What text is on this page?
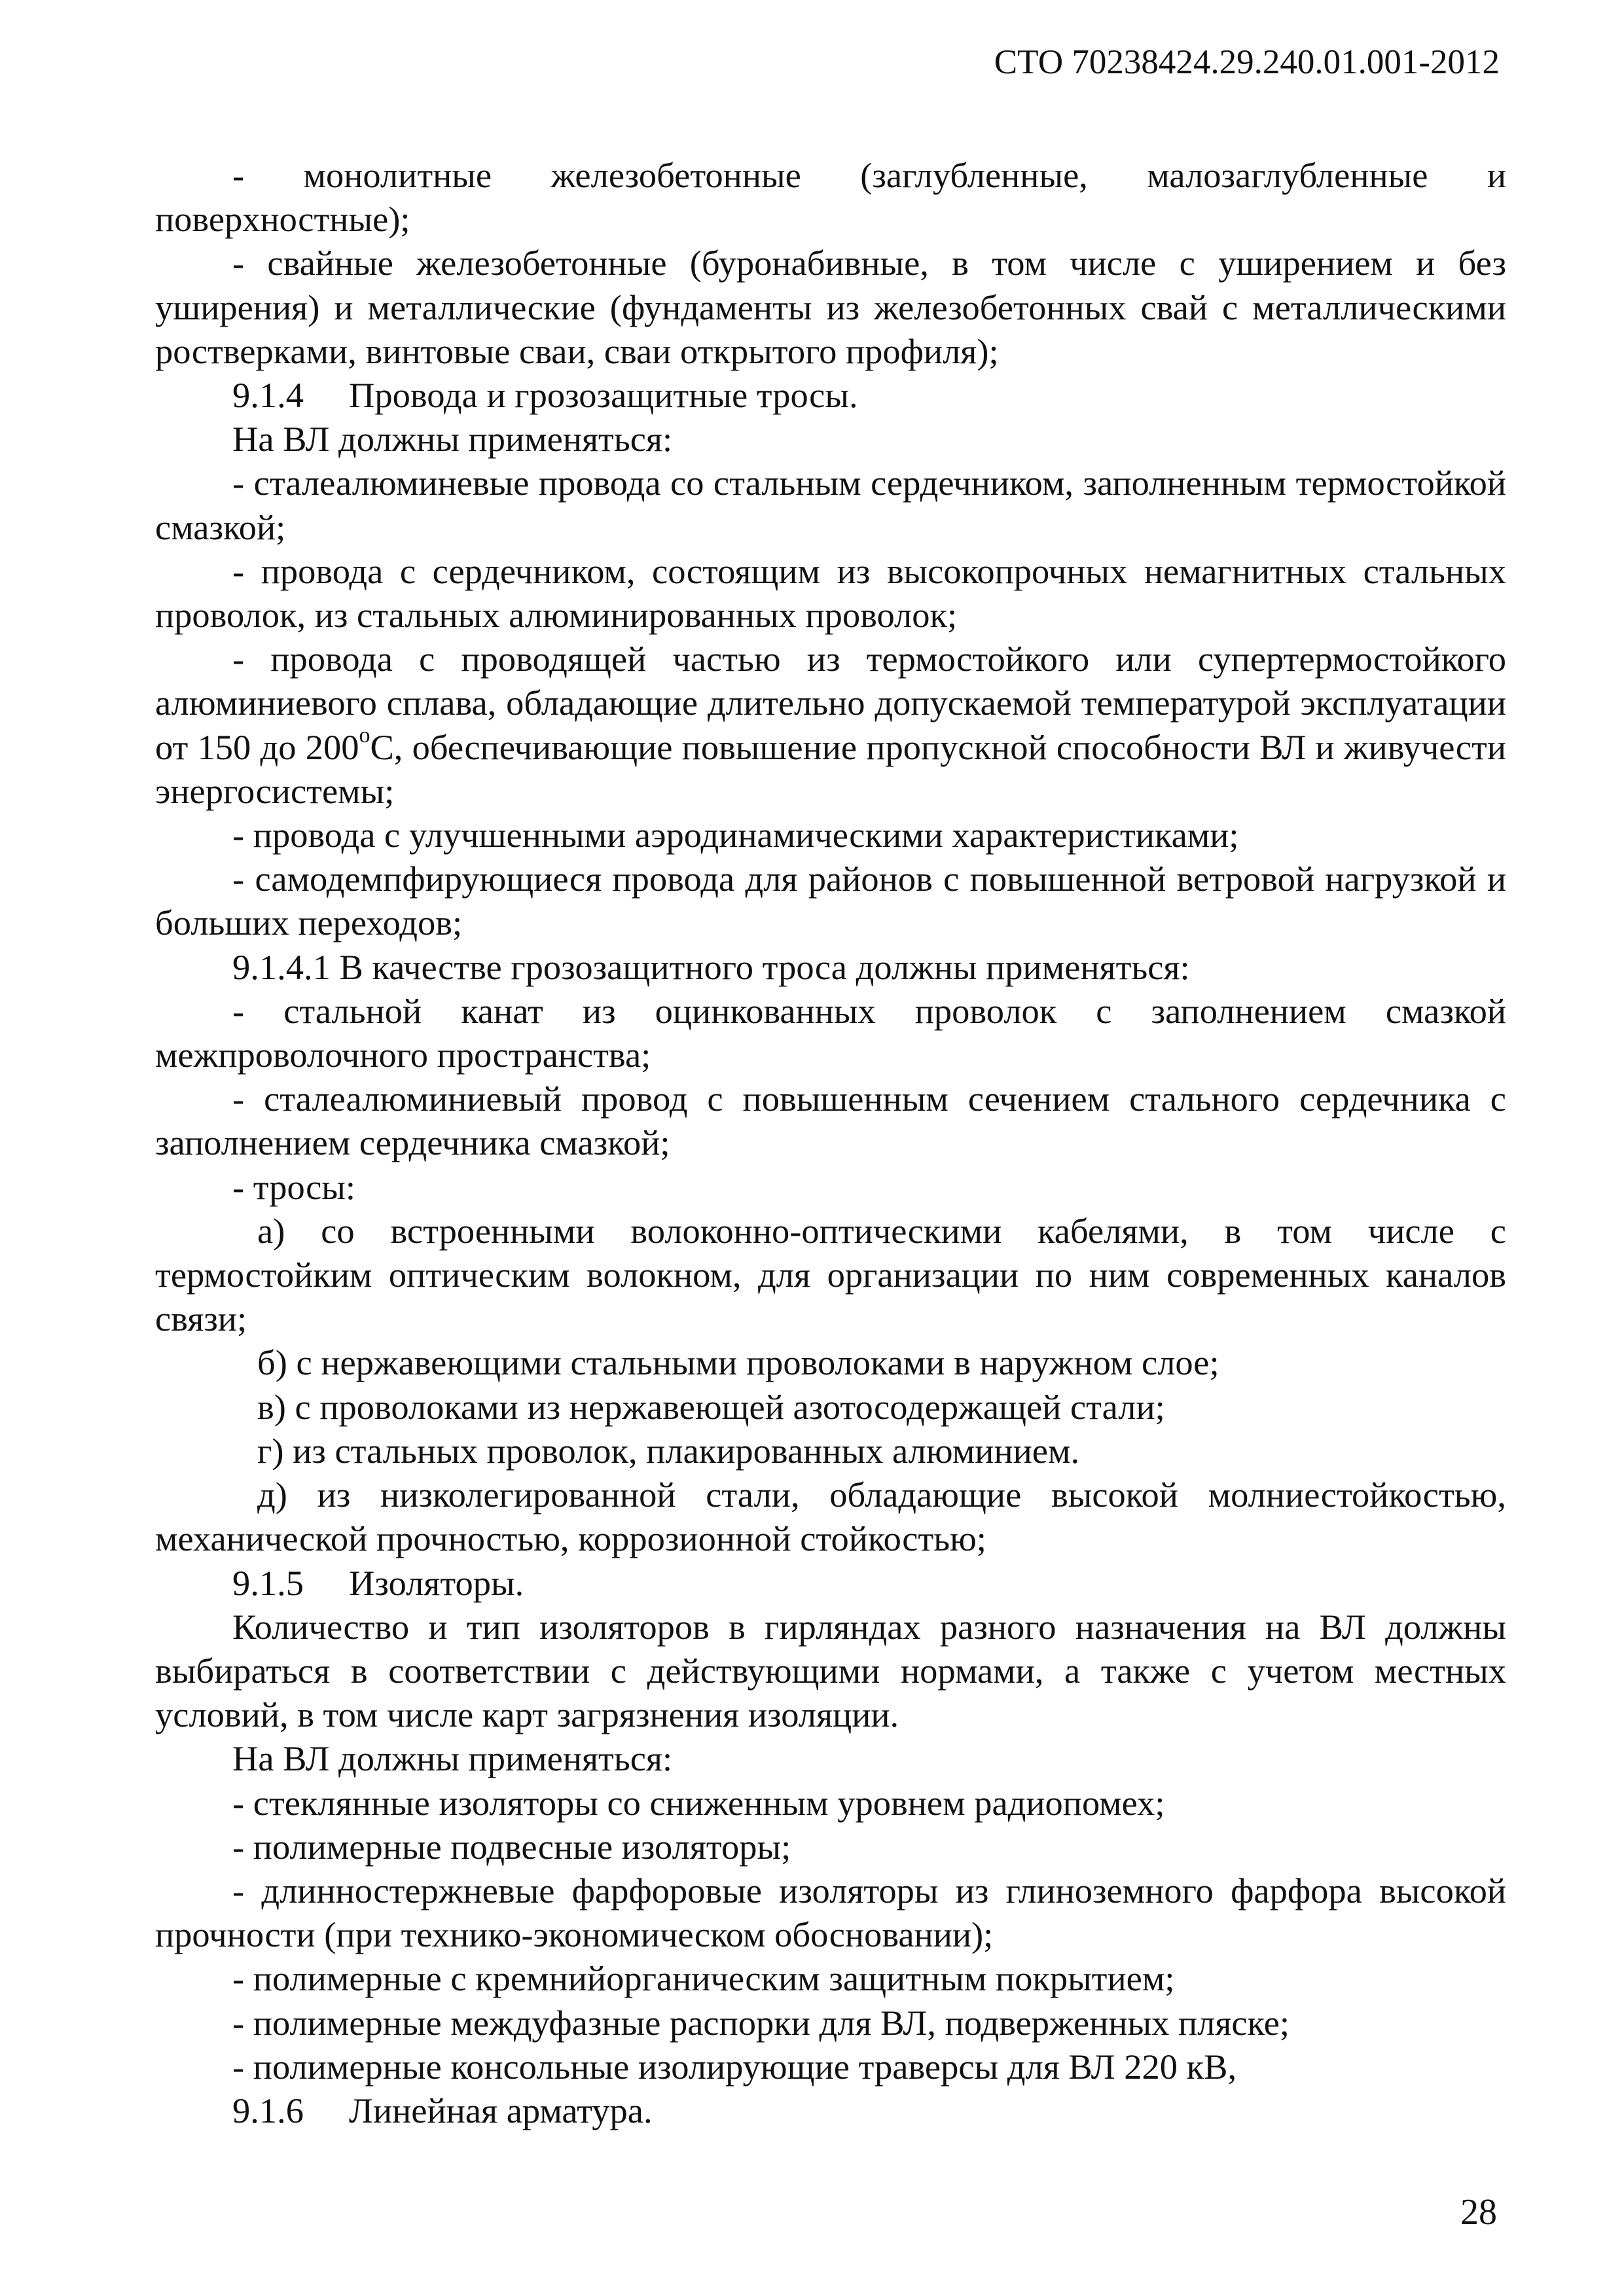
СТО 70238424.29.240.01.001-2012

- монолитные железобетонные (заглубленные, малозаглубленные и поверхностные);

- свайные железобетонные (буронабивные, в том числе с уширением и без уширения) и металлические (фундаменты из железобетонных свай с металлическими ростверками, винтовые сваи, сваи открытого профиля);

9.1.4 Провода и грозозащитные тросы.

На ВЛ должны применяться:

- сталеалюминевые провода со стальным сердечником, заполненным термостойкой смазкой;

- провода с сердечником, состоящим из высокопрочных немагнитных стальных проволок, из стальных алюминированных проволок;

- провода с проводящей частью из термостойкого или супертермостойкого алюминиевого сплава, обладающие длительно допускаемой температурой эксплуатации от 150 до 200$^o$С, обеспечивающие повышение пропускной способности ВЛ и живучести энергосистемы;

- провода с улучшенными аэродинамическими характеристиками;

- самодемпфирующиеся провода для районов с повышенной ветровой нагрузкой и больших переходов;

9.1.4.1 В качестве грозозащитного троса должны применяться:

- стальной канат из оцинкованных проволок с заполнением смазкой межпроволочного пространства;

- сталеалюминиевый провод с повышенным сечением стального сердечника с заполнением сердечника смазкой;

- тросы:

а) со встроенными волоконно-оптическими кабелями, в том числе с термостойким оптическим волокном, для организации по ним современных каналов связи;

б) с нержавеющими стальными проволоками в наружном слое;

в) с проволоками из нержавеющей азотосодержащей стали;

г) из стальных проволок, плакированных алюминием.

д) из низколегированной стали, обладающие высокой молниестойкостью, механической прочностью, коррозионной стойкостью;

9.1.5 Изоляторы.

Количество и тип изоляторов в гирляндах разного назначения на ВЛ должны выбираться в соответствии с действующими нормами, а также с учетом местных условий, в том числе карт загрязнения изоляции.

На ВЛ должны применяться:

- стеклянные изоляторы со сниженным уровнем радиопомех;

- полимерные подвесные изоляторы;

- длинностержневые фарфоровые изоляторы из глиноземного фарфора высокой прочности (при технико-экономическом обосновании);

- полимерные с кремнийорганическим защитным покрытием;

- полимерные междуфазные распорки для ВЛ, подверженных пляске;

- полимерные консольные изолирующие траверсы для ВЛ 220 кВ,

9.1.6 Линейная арматура.

28
